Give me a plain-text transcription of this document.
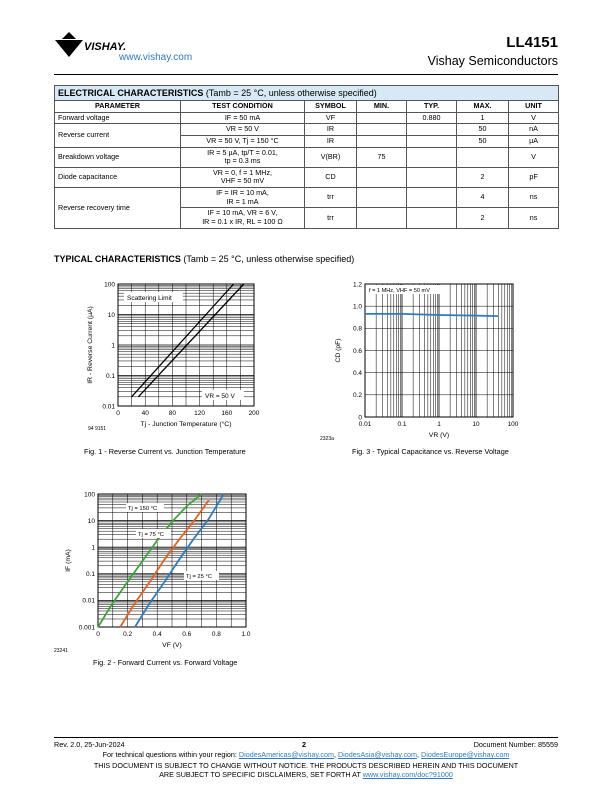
VISHAY.
www.vishay.com
LL4151
Vishay Semiconductors
ELECTRICAL CHARACTERISTICS (Tamb = 25 °C, unless otherwise specified)						
PARAMETER	TEST CONDITION	SYMBOL	MIN.	TYP.	MAX.	UNIT
Forward voltage	IF = 50 mA	VF		0.880	1	V
Reverse current	VR = 50 V	IR			50	nA
	VR = 50 V, Tj = 150 °C	IR			50	µA
Breakdown voltage	IR = 5 µA, tp/T = 0.01,
tp = 0.3 ms	V(BR)	75			V
Diode capacitance	VR = 0, f = 1 MHz,
VHF = 50 mV	CD			2	pF
Reverse recovery time	IF = IR = 10 mA,
IR = 1 mA	trr			4	ns
	IF = 10 mA, VR = 6 V,
IR = 0.1 x IR, RL = 100 Ω	trr			2	ns
TYPICAL CHARACTERISTICS (Tamb = 25 °C, unless otherwise specified)
0	40	80	120	160	200
0.01
0.1
1
10
100
Tj - Junction Temperature (°C)
IR - Reverse Current (µA)
94 9151
Scattering Limit
VR = 50 V
Fig. 1 - Reverse Current vs. Junction Temperature
0.01	0.1	1	10	100
0
0.2
0.4
0.6
0.8
1.0
1.2
VR (V)
CD (pF)
2323a
f = 1 MHz, VHF = 50 mV
Fig. 3 - Typical Capacitance vs. Reverse Voltage
0	0.2	0.4	0.6	0.8	1.0
0.001
0.01
0.1
1
10
100
VF (V)
IF (mA)
23241
Tj = 150 °C
Tj = 75 °C
Tj = 25 °C
Fig. 2 - Forward Current vs. Forward Voltage
Rev. 2.0, 25-Jun-2024	2	Document Number: 85559
For technical questions within your region: DiodesAmericas@vishay.com, DiodesAsia@vishay.com, DiodesEurope@vishay.com
THIS DOCUMENT IS SUBJECT TO CHANGE WITHOUT NOTICE. THE PRODUCTS DESCRIBED HEREIN AND THIS DOCUMENT
ARE SUBJECT TO SPECIFIC DISCLAIMERS, SET FORTH AT www.vishay.com/doc?91000
